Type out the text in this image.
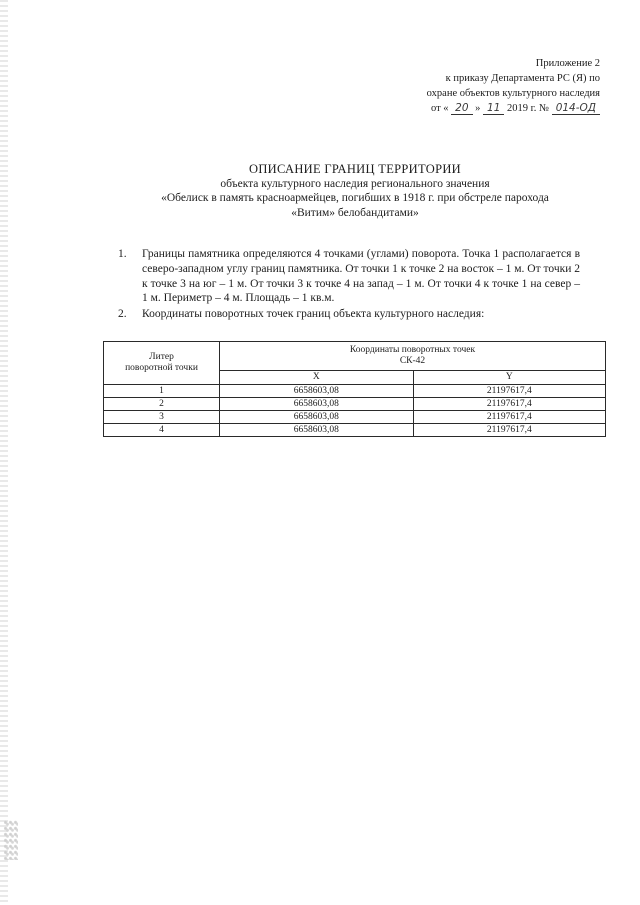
Приложение 2
к приказу Департамента РС (Я) по
охране объектов культурного наследия
от « 20 » 11 2019 г. № 014-ОД
ОПИСАНИЕ ГРАНИЦ ТЕРРИТОРИИ
объекта культурного наследия регионального значения
«Обелиск в память красноармейцев, погибших в 1918 г. при обстреле парохода
«Витим» белобандитами»
1. Границы памятника определяются 4 точками (углами) поворота. Точка 1 располагается в северо-западном углу границ памятника. От точки 1 к точке 2 на восток – 1 м. От точки 2 к точке 3 на юг – 1 м. От точки 3 к точке 4 на запад – 1 м. От точки 4 к точке 1 на север – 1 м. Периметр – 4 м. Площадь – 1 кв.м.
2. Координаты поворотных точек границ объекта культурного наследия:
Литер
поворотной точки	Координаты поворотных точек
СК-42	

	X	Y
1	6658603,08	21197617,4
2	6658603,08	21197617,4
3	6658603,08	21197617,4
4	6658603,08	21197617,4
